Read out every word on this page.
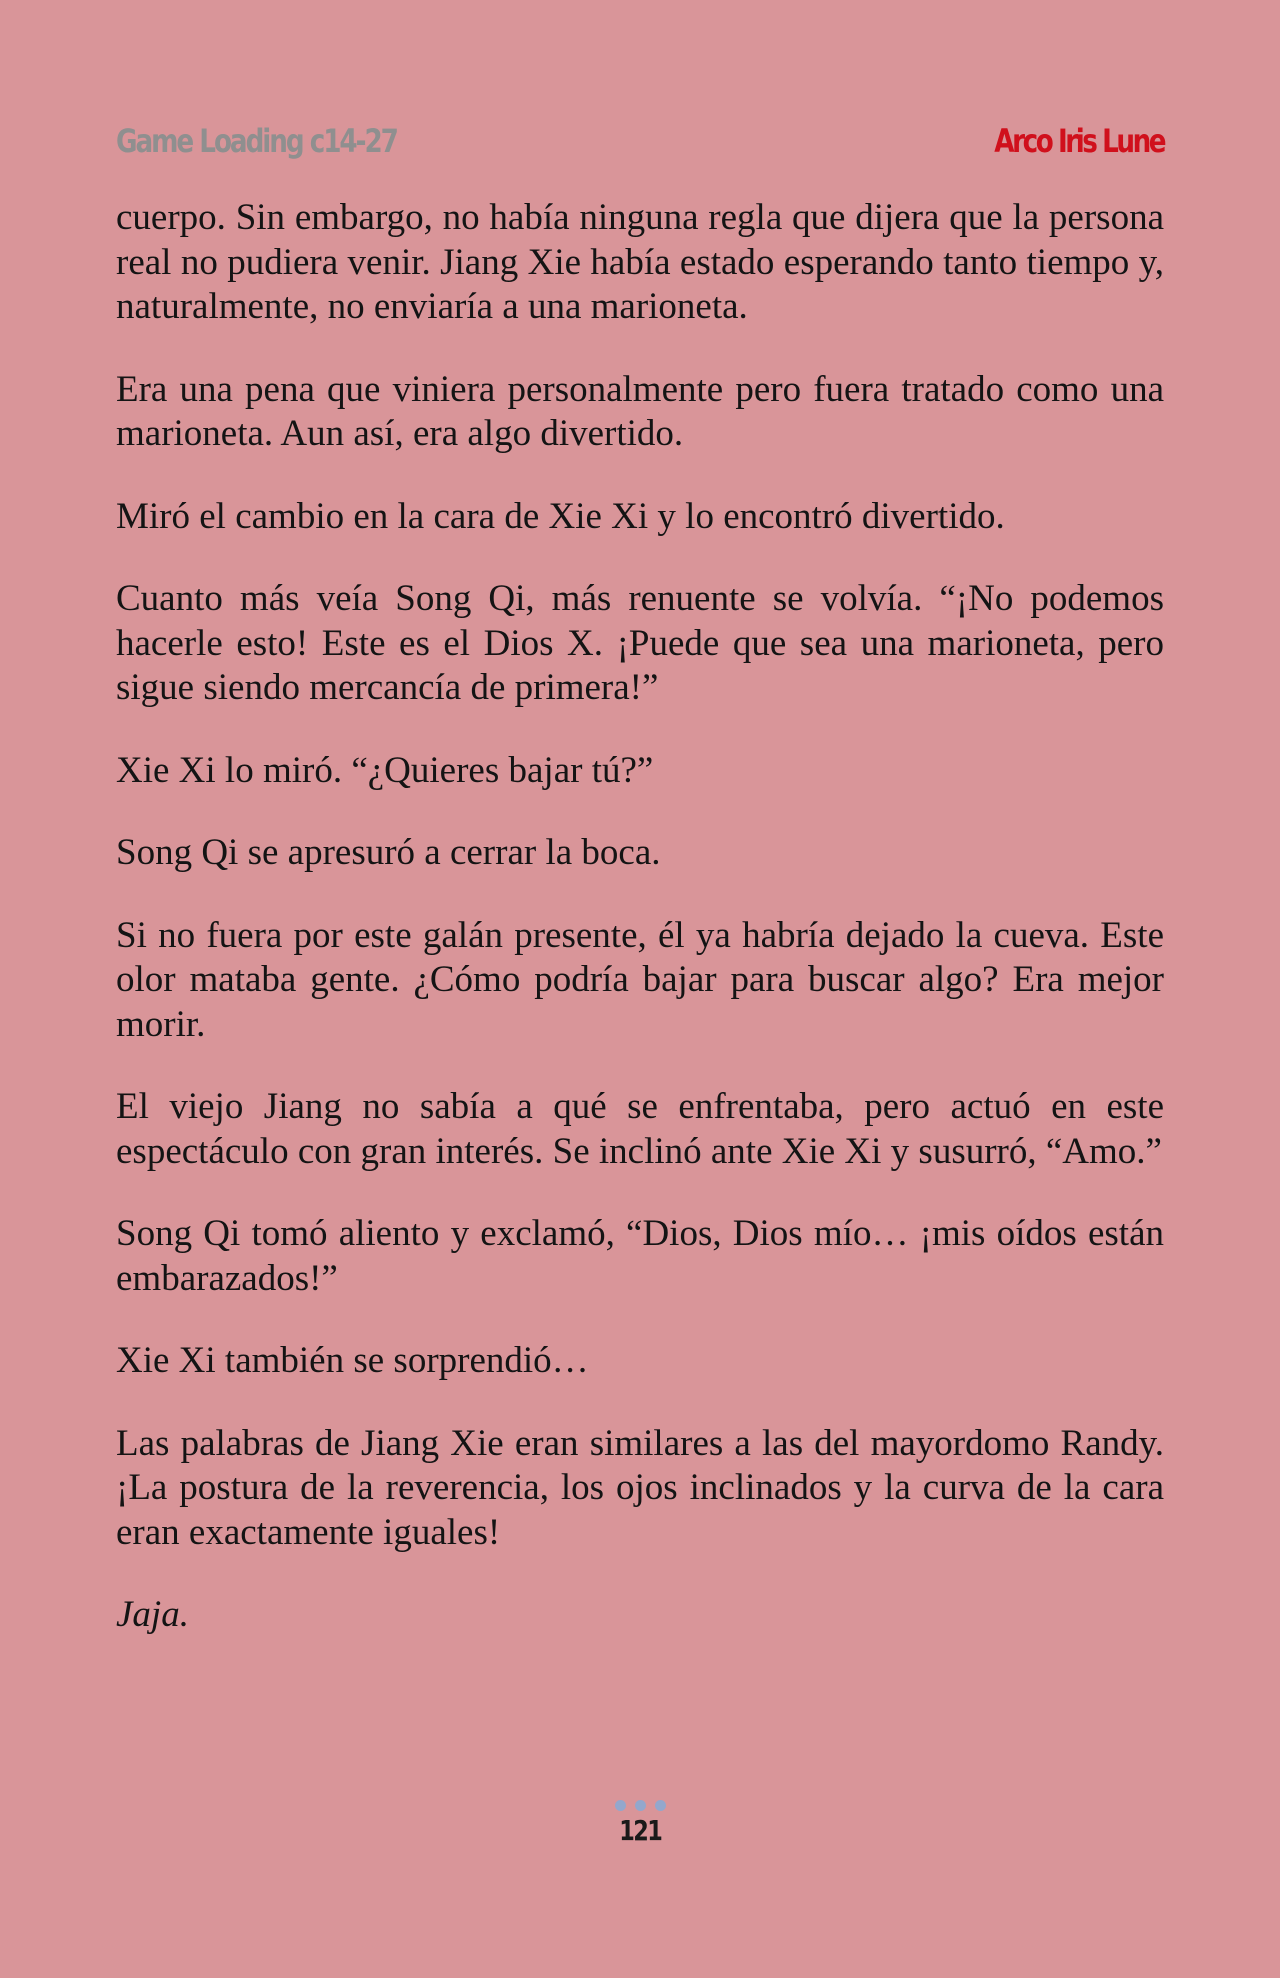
Game Loading c14-27	Arco Iris Lune

cuerpo. Sin embargo, no había ninguna regla que dijera que la persona real no pudiera venir. Jiang Xie había estado esperando tanto tiempo y, naturalmente, no enviaría a una marioneta.

Era una pena que viniera personalmente pero fuera tratado como una marioneta. Aun así, era algo divertido.

Miró el cambio en la cara de Xie Xi y lo encontró divertido.

Cuanto más veía Song Qi, más renuente se volvía. “¡No podemos hacerle esto! Este es el Dios X. ¡Puede que sea una marioneta, pero sigue siendo mercancía de primera!”

Xie Xi lo miró. “¿Quieres bajar tú?”

Song Qi se apresuró a cerrar la boca.

Si no fuera por este galán presente, él ya habría dejado la cueva. Este olor mataba gente. ¿Cómo podría bajar para buscar algo? Era mejor morir.

El viejo Jiang no sabía a qué se enfrentaba, pero actuó en este espectáculo con gran interés. Se inclinó ante Xie Xi y susurró, “Amo.”

Song Qi tomó aliento y exclamó, “Dios, Dios mío… ¡mis oídos están embarazados!”

Xie Xi también se sorprendió…

Las palabras de Jiang Xie eran similares a las del mayordomo Randy. ¡La postura de la reverencia, los ojos inclinados y la curva de la cara eran exactamente iguales!

Jaja.

121
